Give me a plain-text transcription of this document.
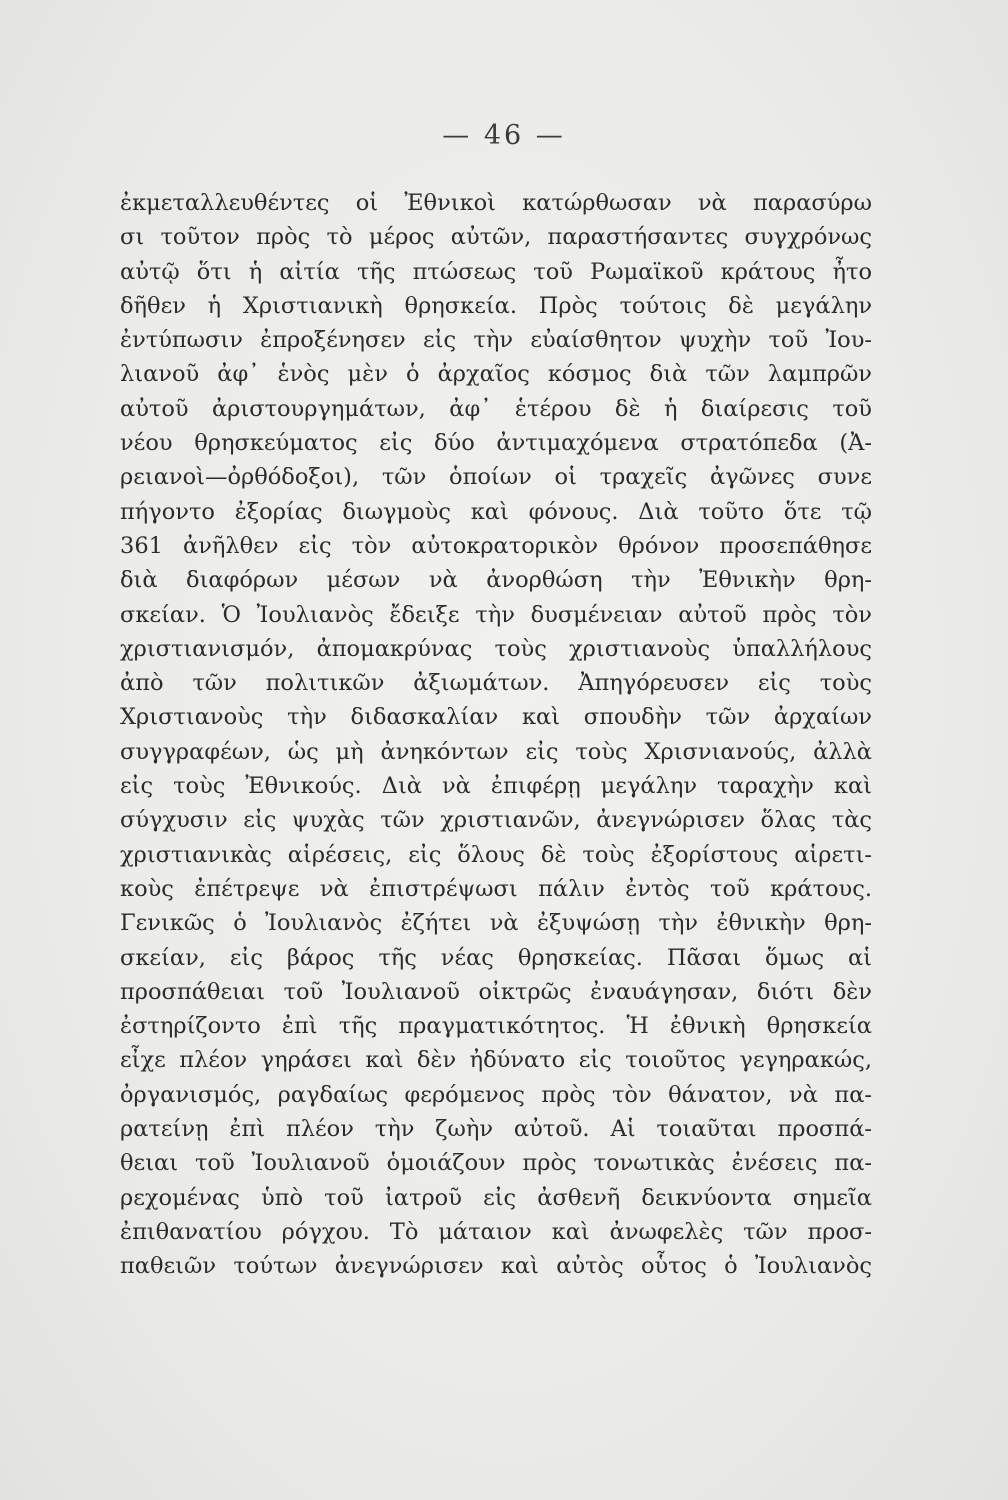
— 46 —
ἐκμεταλλευθέντες οἱ Ἐθνικοὶ κατώρθωσαν νὰ παρασύρω
σι τοῦτον πρὸς τὸ μέρος αὐτῶν, παραστήσαντες συγχρόνως
αὐτῷ ὅτι ἡ αἰτία τῆς πτώσεως τοῦ Ρωμαϊκοῦ κράτους ἦτο
δῆθεν ἡ Χριστιανικὴ θρησκεία. Πρὸς τούτοις δὲ μεγάλην
ἐντύπωσιν ἐπροξένησεν εἰς τὴν εὐαίσθητον ψυχὴν τοῦ Ἰου-
λιανοῦ ἀφ᾽ ἑνὸς μὲν ὁ ἀρχαῖος κόσμος διὰ τῶν λαμπρῶν
αὐτοῦ ἀριστουργημάτων, ἀφ᾽ ἑτέρου δὲ ἡ διαίρεσις τοῦ
νέου θρησκεύματος εἰς δύο ἀντιμαχόμενα στρατόπεδα (Ἀ-
ρειανοὶ—ὀρθόδοξοι), τῶν ὁποίων οἱ τραχεῖς ἀγῶνες συνε
πήγοντο ἐξορίας διωγμοὺς καὶ φόνους. Διὰ τοῦτο ὅτε τῷ
361 ἀνῆλθεν εἰς τὸν αὐτοκρατορικὸν θρόνον προσεπάθησε
διὰ διαφόρων μέσων νὰ ἀνορθώση τὴν Ἐθνικὴν θρη-
σκείαν. Ὁ Ἰουλιανὸς ἔδειξε τὴν δυσμένειαν αὐτοῦ πρὸς τὸν
χριστιανισμόν, ἀπομακρύνας τοὺς χριστιανοὺς ὑπαλλήλους
ἀπὸ τῶν πολιτικῶν ἀξιωμάτων. Ἀπηγόρευσεν εἰς τοὺς
Χριστιανοὺς τὴν διδασκαλίαν καὶ σπουδὴν τῶν ἀρχαίων
συγγραφέων, ὡς μὴ ἀνηκόντων εἰς τοὺς Χρισνιανούς, ἀλλὰ
εἰς τοὺς Ἐθνικούς. Διὰ νὰ ἐπιφέρῃ μεγάλην ταραχὴν καὶ
σύγχυσιν εἰς ψυχὰς τῶν χριστιανῶν, ἀνεγνώρισεν ὅλας τὰς
χριστιανικὰς αἱρέσεις, εἰς ὅλους δὲ τοὺς ἐξορίστους αἱρετι-
κοὺς ἐπέτρεψε νὰ ἐπιστρέψωσι πάλιν ἐντὸς τοῦ κράτους.
Γενικῶς ὁ Ἰουλιανὸς ἐζήτει νὰ ἐξυψώσῃ τὴν ἐθνικὴν θρη-
σκείαν, εἰς βάρος τῆς νέας θρησκείας. Πᾶσαι ὅμως αἱ
προσπάθειαι τοῦ Ἰουλιανοῦ οἰκτρῶς ἐναυάγησαν, διότι δὲν
ἐστηρίζοντο ἐπὶ τῆς πραγματικότητος. Ἡ ἐθνικὴ θρησκεία
εἶχε πλέον γηράσει καὶ δὲν ἠδύνατο εἰς τοιοῦτος γεγηρακώς,
ὀργανισμός, ραγδαίως φερόμενος πρὸς τὸν θάνατον, νὰ πα-
ρατείνῃ ἐπὶ πλέον τὴν ζωὴν αὐτοῦ. Αἱ τοιαῦται προσπά-
θειαι τοῦ Ἰουλιανοῦ ὁμοιάζουν πρὸς τονωτικὰς ἐνέσεις πα-
ρεχομένας ὑπὸ τοῦ ἰατροῦ εἰς ἀσθενῆ δεικνύοντα σημεῖα
ἐπιθανατίου ρόγχου. Τὸ μάταιον καὶ ἀνωφελὲς τῶν προσ-
παθειῶν τούτων ἀνεγνώρισεν καὶ αὐτὸς οὗτος ὁ Ἰουλιανὸς
